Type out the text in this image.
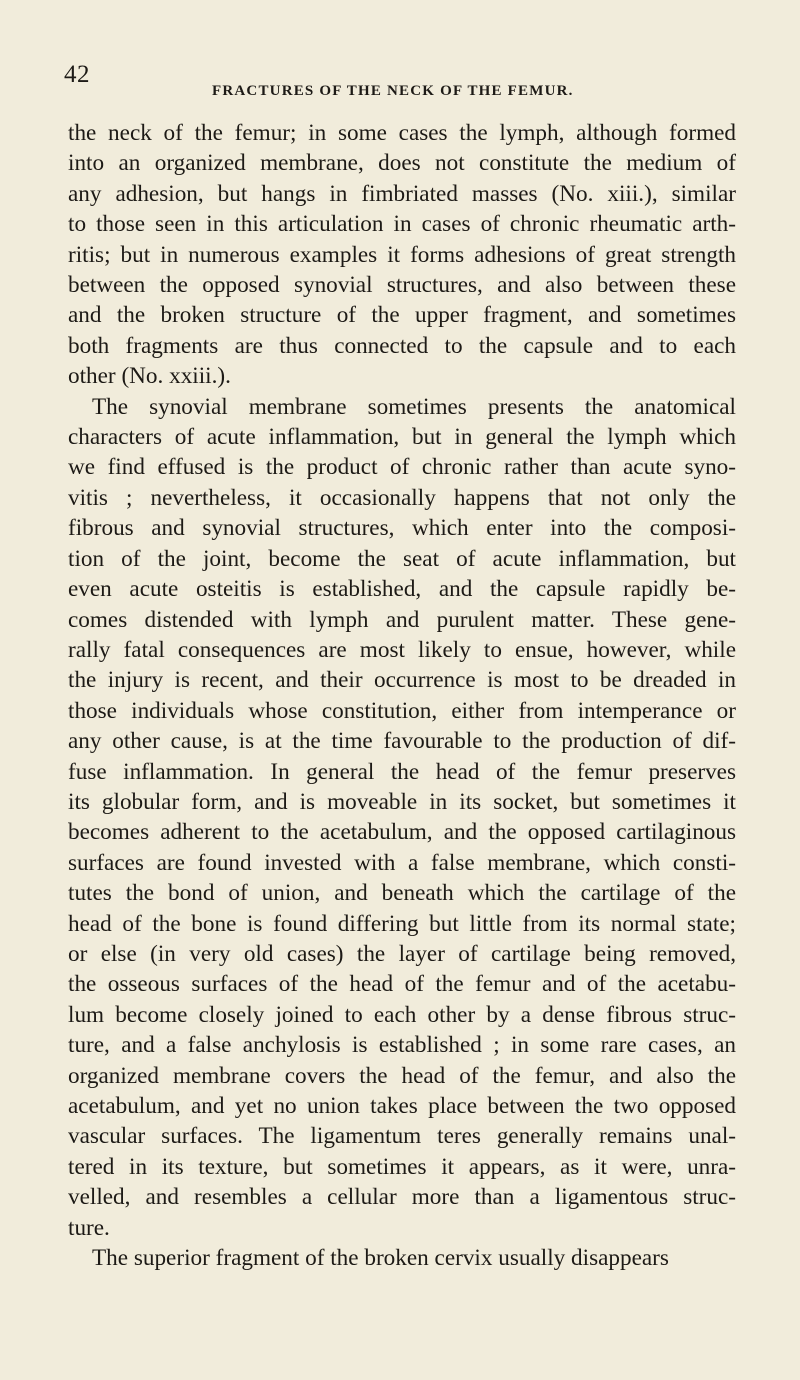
42
FRACTURES OF THE NECK OF THE FEMUR.
the neck of the femur; in some cases the lymph, although formed
into an organized membrane, does not constitute the medium of
any adhesion, but hangs in fimbriated masses (No. xiii.), similar
to those seen in this articulation in cases of chronic rheumatic arth-
ritis; but in numerous examples it forms adhesions of great strength
between the opposed synovial structures, and also between these
and the broken structure of the upper fragment, and sometimes
both fragments are thus connected to the capsule and to each
other (No. xxiii.).
The synovial membrane sometimes presents the anatomical
characters of acute inflammation, but in general the lymph which
we find effused is the product of chronic rather than acute syno-
vitis ; nevertheless, it occasionally happens that not only the
fibrous and synovial structures, which enter into the composi-
tion of the joint, become the seat of acute inflammation, but
even acute osteitis is established, and the capsule rapidly be-
comes distended with lymph and purulent matter. These gene-
rally fatal consequences are most likely to ensue, however, while
the injury is recent, and their occurrence is most to be dreaded in
those individuals whose constitution, either from intemperance or
any other cause, is at the time favourable to the production of dif-
fuse inflammation. In general the head of the femur preserves
its globular form, and is moveable in its socket, but sometimes it
becomes adherent to the acetabulum, and the opposed cartilaginous
surfaces are found invested with a false membrane, which consti-
tutes the bond of union, and beneath which the cartilage of the
head of the bone is found differing but little from its normal state;
or else (in very old cases) the layer of cartilage being removed,
the osseous surfaces of the head of the femur and of the acetabu-
lum become closely joined to each other by a dense fibrous struc-
ture, and a false anchylosis is established ; in some rare cases, an
organized membrane covers the head of the femur, and also the
acetabulum, and yet no union takes place between the two opposed
vascular surfaces. The ligamentum teres generally remains unal-
tered in its texture, but sometimes it appears, as it were, unra-
velled, and resembles a cellular more than a ligamentous struc-
ture.
The superior fragment of the broken cervix usually disappears
